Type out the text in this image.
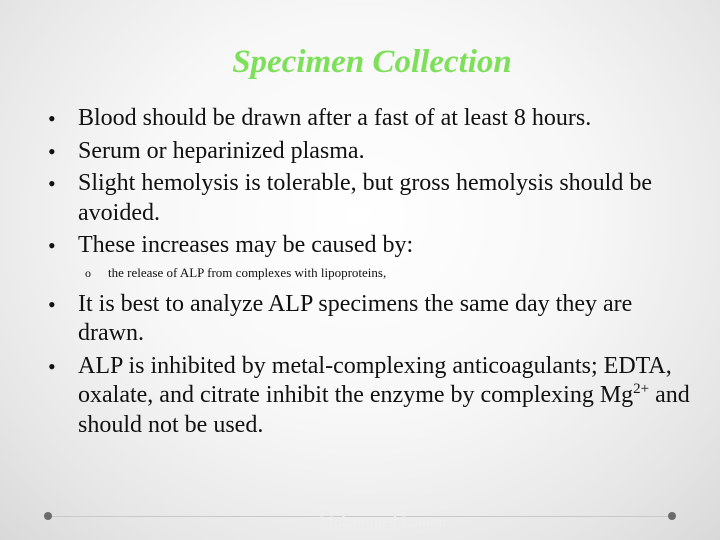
Specimen Collection
• Blood should be drawn after a fast of at least 8 hours.
• Serum or heparinized plasma.
• Slight hemolysis is tolerable, but gross hemolysis should be avoided.
• These increases may be caused by:
o the release of ALP from complexes with lipoproteins,
• It is best to analyze ALP specimens the same day they are drawn.
• ALP is inhibited by metal-complexing anticoagulants; EDTA, oxalate, and citrate inhibit the enzyme by complexing $Mg^{2+}$ and should not be used.
Mohammed Lattam
